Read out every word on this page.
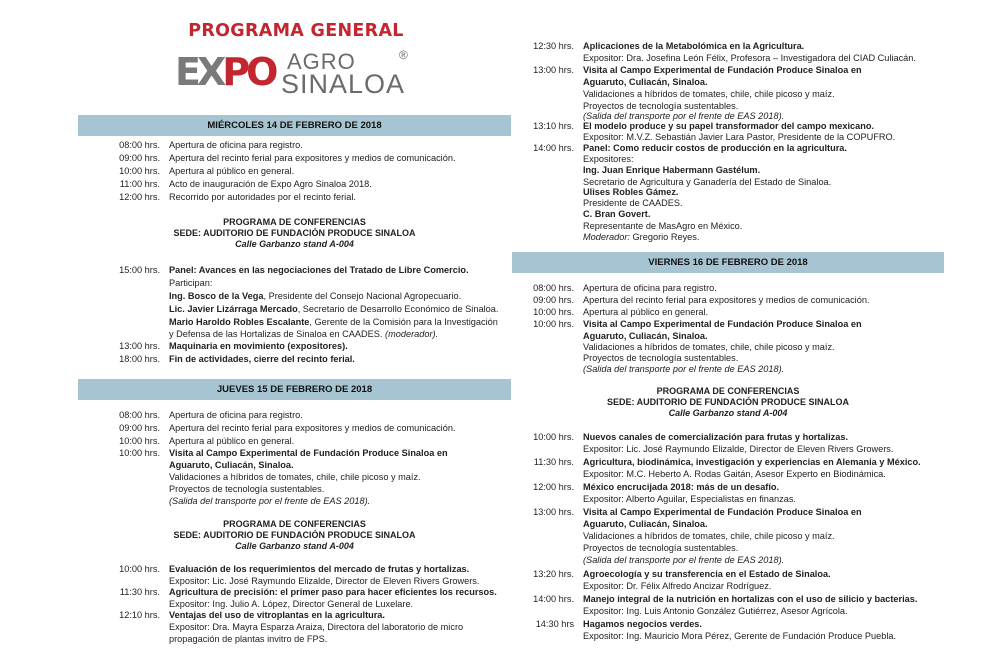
PROGRAMA GENERAL
EXPO AGRO
SINALOA
®
MIÉRCOLES 14 DE FEBRERO DE 2018
08:00 hrs. Apertura de oficina para registro.
09:00 hrs. Apertura del recinto ferial para expositores y medios de comunicación.
10:00 hrs. Apertura al público en general.
11:00 hrs. Acto de inauguración de Expo Agro Sinaloa 2018.
12:00 hrs. Recorrido por autoridades por el recinto ferial.
PROGRAMA DE CONFERENCIAS
SEDE: AUDITORIO DE FUNDACIÓN PRODUCE SINALOA
Calle Garbanzo stand A-004
15:00 hrs. Panel: Avances en las negociaciones del Tratado de Libre Comercio.
Participan:
Ing. Bosco de la Vega, Presidente del Consejo Nacional Agropecuario.
Lic. Javier Lizárraga Mercado, Secretario de Desarrollo Económico de Sinaloa.
Mario Haroldo Robles Escalante, Gerente de la Comisión para la Investigación
y Defensa de las Hortalizas de Sinaloa en CAADES. (moderador).
13:00 hrs. Maquinaria en movimiento (expositores).
18:00 hrs. Fin de actividades, cierre del recinto ferial.
JUEVES 15 DE FEBRERO DE 2018
08:00 hrs. Apertura de oficina para registro.
09:00 hrs. Apertura del recinto ferial para expositores y medios de comunicación.
10:00 hrs. Apertura al público en general.
10:00 hrs. Visita al Campo Experimental de Fundación Produce Sinaloa en
Aguaruto, Culiacán, Sinaloa.
Validaciones a híbridos de tomates, chile, chile picoso y maíz.
Proyectos de tecnología sustentables.
(Salida del transporte por el frente de EAS 2018).
PROGRAMA DE CONFERENCIAS
SEDE: AUDITORIO DE FUNDACIÓN PRODUCE SINALOA
Calle Garbanzo stand A-004
10:00 hrs. Evaluación de los requerimientos del mercado de frutas y hortalizas.
Expositor: Lic. José Raymundo Elizalde, Director de Eleven Rivers Growers.
11:30 hrs. Agricultura de precisión: el primer paso para hacer eficientes los recursos.
Expositor: Ing. Julio A. López, Director General de Luxelare.
12:10 hrs. Ventajas del uso de vitroplantas en la agricultura.
Expositor: Dra. Mayra Esparza Araiza, Directora del laboratorio de micro
propagación de plantas invitro de FPS.
12:30 hrs. Aplicaciones de la Metabolómica en la Agricultura.
Expositor: Dra. Josefina León Félix, Profesora – Investigadora del CIAD Culiacán.
13:00 hrs. Visita al Campo Experimental de Fundación Produce Sinaloa en
Aguaruto, Culiacán, Sinaloa.
Validaciones a híbridos de tomates, chile, chile picoso y maíz.
Proyectos de tecnología sustentables.
(Salida del transporte por el frente de EAS 2018).
13:10 hrs. El modelo produce y su papel transformador del campo mexicano.
Expositor: M.V.Z. Sebastián Javier Lara Pastor, Presidente de la COPUFRO.
14:00 hrs. Panel: Como reducir costos de producción en la agricultura.
Expositores:
Ing. Juan Enrique Habermann Gastélum.
Secretario de Agricultura y Ganadería del Estado de Sinaloa.
Ulises Robles Gámez.
Presidente de CAADES.
C. Bran Govert.
Representante de MasAgro en México.
Moderador: Gregorio Reyes.
VIERNES 16 DE FEBRERO DE 2018
08:00 hrs. Apertura de oficina para registro.
09:00 hrs. Apertura del recinto ferial para expositores y medios de comunicación.
10:00 hrs. Apertura al público en general.
10:00 hrs. Visita al Campo Experimental de Fundación Produce Sinaloa en
Aguaruto, Culiacán, Sinaloa.
Validaciones a híbridos de tomates, chile, chile picoso y maíz.
Proyectos de tecnología sustentables.
(Salida del transporte por el frente de EAS 2018).
PROGRAMA DE CONFERENCIAS
SEDE: AUDITORIO DE FUNDACIÓN PRODUCE SINALOA
Calle Garbanzo stand A-004
10:00 hrs. Nuevos canales de comercialización para frutas y hortalizas.
Expositor: Lic. José Raymundo Elizalde, Director de Eleven Rivers Growers.
11:30 hrs. Agricultura, biodinámica, investigación y experiencias en Alemania y México.
Expositor: M.C. Heberto A. Rodas Gaitán, Asesor Experto en Biodinámica.
12:00 hrs. México encrucijada 2018: más de un desafío.
Expositor: Alberto Aguilar, Especialistas en finanzas.
13:00 hrs. Visita al Campo Experimental de Fundación Produce Sinaloa en
Aguaruto, Culiacán, Sinaloa.
Validaciones a híbridos de tomates, chile, chile picoso y maíz.
Proyectos de tecnología sustentables.
(Salida del transporte por el frente de EAS 2018).
13:20 hrs. Agroecología y su transferencia en el Estado de Sinaloa.
Expositor: Dr. Félix Alfredo Ancizar Rodríguez.
14:00 hrs. Manejo integral de la nutrición en hortalizas con el uso de silicio y bacterias.
Expositor: Ing. Luis Antonio González Gutiérrez, Asesor Agrícola.
14:30 hrs Hagamos negocios verdes.
Expositor: Ing. Mauricio Mora Pérez, Gerente de Fundación Produce Puebla.
